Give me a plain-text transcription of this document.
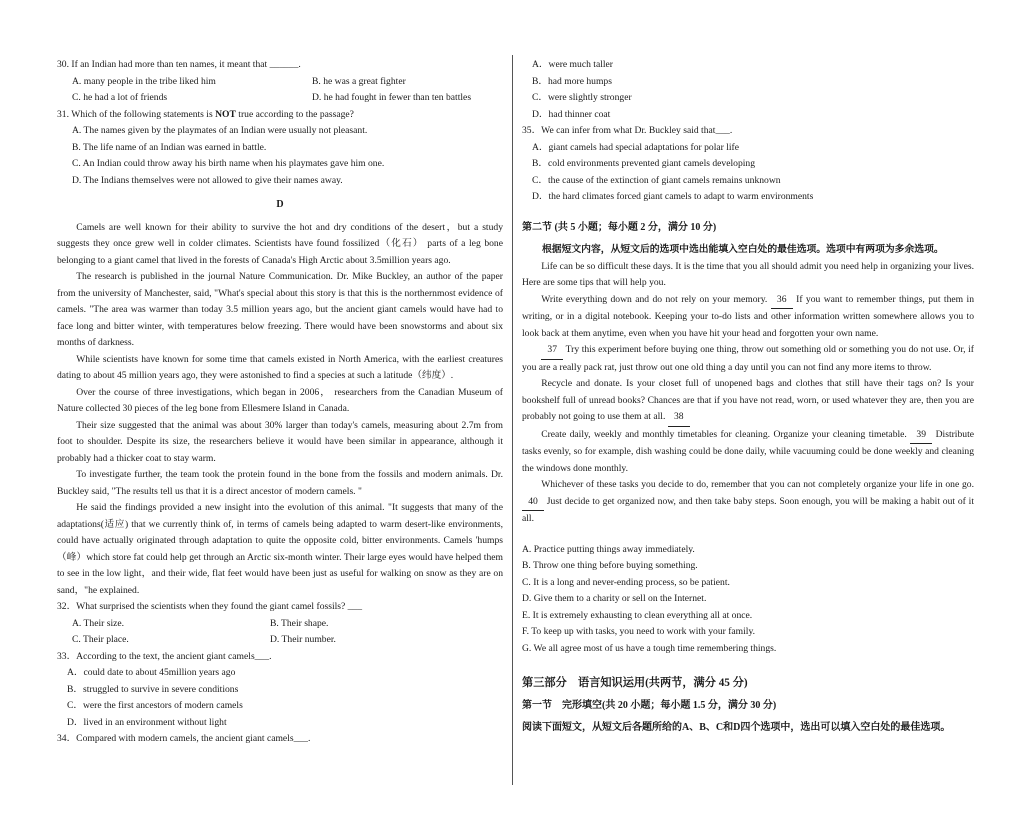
30. If an Indian had more than ten names, it meant that ______.
A. many people in the tribe liked him	B. he was a great fighter
C. he had a lot of friends	D. he had fought in fewer than ten battles
31. Which of the following statements is NOT true according to the passage?
A. The names given by the playmates of an Indian were usually not pleasant.
B. The life name of an Indian was earned in battle.
C. An Indian could throw away his birth name when his playmates gave him one.
D. The Indians themselves were not allowed to give their names away.
D

Camels are well known for their ability to survive the hot and dry conditions of the desert，but a study suggests they once grew well in colder climates. Scientists have found fossilized（化石） parts of a leg bone belonging to a giant camel that lived in the forests of Canada's High Arctic about 3.5million years ago.

The research is published in the journal Nature Communication. Dr. Mike Buckley, an author of the paper from the university of Manchester, said, "What's special about this story is that this is the northernmost evidence of camels. "The area was warmer than today 3.5 million years ago, but the ancient giant camels would have had to face long and bitter winter, with temperatures below freezing. There would have been snowstorms and about six months of darkness.

While scientists have known for some time that camels existed in North America, with the earliest creatures dating to about 45 million years ago, they were astonished to find a species at such a latitude（纬度）.

Over the course of three investigations, which began in 2006， researchers from the Canadian Museum of Nature collected 30 pieces of the leg bone from Ellesmere Island in Canada.

Their size suggested that the animal was about 30% larger than today's camels, measuring about 2.7m from foot to shoulder. Despite its size, the researchers believe it would have been similar in appearance, although it probably had a thicker coat to stay warm.

To investigate further, the team took the protein found in the bone from the fossils and modern animals. Dr. Buckley said, "The results tell us that it is a direct ancestor of modern camels. "

He said the findings provided a new insight into the evolution of this animal. "It suggests that many of the adaptations(适应) that we currently think of, in terms of camels being adapted to warm desert-like environments, could have actually originated through adaptation to quite the opposite cold, bitter environments. Camels 'humps（峰）which store fat could help get through an Arctic six-month winter. Their large eyes would have helped them to see in the low light，and their wide, flat feet would have been just as useful for walking on snow as they are on sand，"he explained.

32．What surprised the scientists when they found the giant camel fossils? ___
A. Their size.	B. Their shape.
C. Their place.	D. Their number.
33．According to the text, the ancient giant camels___.
A．could date to about 45million years ago
B．struggled to survive in severe conditions
C．were the first ancestors of modern camels
D．lived in an environment without light
34．Compared with modern camels, the ancient giant camels___.
A．were much taller
B．had more humps
C．were slightly stronger
D．had thinner coat
35．We can infer from what Dr. Buckley said that___.
A．giant camels had special adaptations for polar life
B．cold environments prevented giant camels developing
C．the cause of the extinction of giant camels remains unknown
D．the hard climates forced giant camels to adapt to warm environments
第二节 (共 5 小题；每小题 2 分，满分 10 分)
根据短文内容，从短文后的选项中选出能填入空白处的最佳选项。选项中有两项为多余选项。

Life can be so difficult these days. It is the time that you all should admit you need help in organizing your lives. Here are some tips that will help you.

Write everything down and do not rely on your memory. 36 If you want to remember things, put them in writing, or in a digital notebook. Keeping your to-do lists and other information written somewhere allows you to look back at them anytime, even when you have hit your head and forgotten your own name.

37 Try this experiment before buying one thing, throw out something old or something you do not use. Or, if you are a really pack rat, just throw out one old thing a day until you can not find any more items to throw.

Recycle and donate. Is your closet full of unopened bags and clothes that still have their tags on? Is your bookshelf full of unread books? Chances are that if you have not read, worn, or used whatever they are, then you are probably not going to use them at all. 38

Create daily, weekly and monthly timetables for cleaning. Organize your cleaning timetable. 39 Distribute tasks evenly, so for example, dish washing could be done daily, while vacuuming could be done weekly and cleaning the windows done monthly.

Whichever of these tasks you decide to do, remember that you can not completely organize your life in one go. 40 Just decide to get organized now, and then take baby steps. Soon enough, you will be making a habit out of it all.

A. Practice putting things away immediately.
B. Throw one thing before buying something.
C. It is a long and never-ending process, so be patient.
D. Give them to a charity or sell on the Internet.
E. It is extremely exhausting to clean everything all at once.
F. To keep up with tasks, you need to work with your family.
G. We all agree most of us have a tough time remembering things.
第三部分　语言知识运用(共两节，满分 45 分)
第一节　完形填空(共 20 小题；每小题 1.5 分，满分 30 分)
阅读下面短文，从短文后各题所给的A、B、C和D四个选项中，选出可以填入空白处的最佳选项。
